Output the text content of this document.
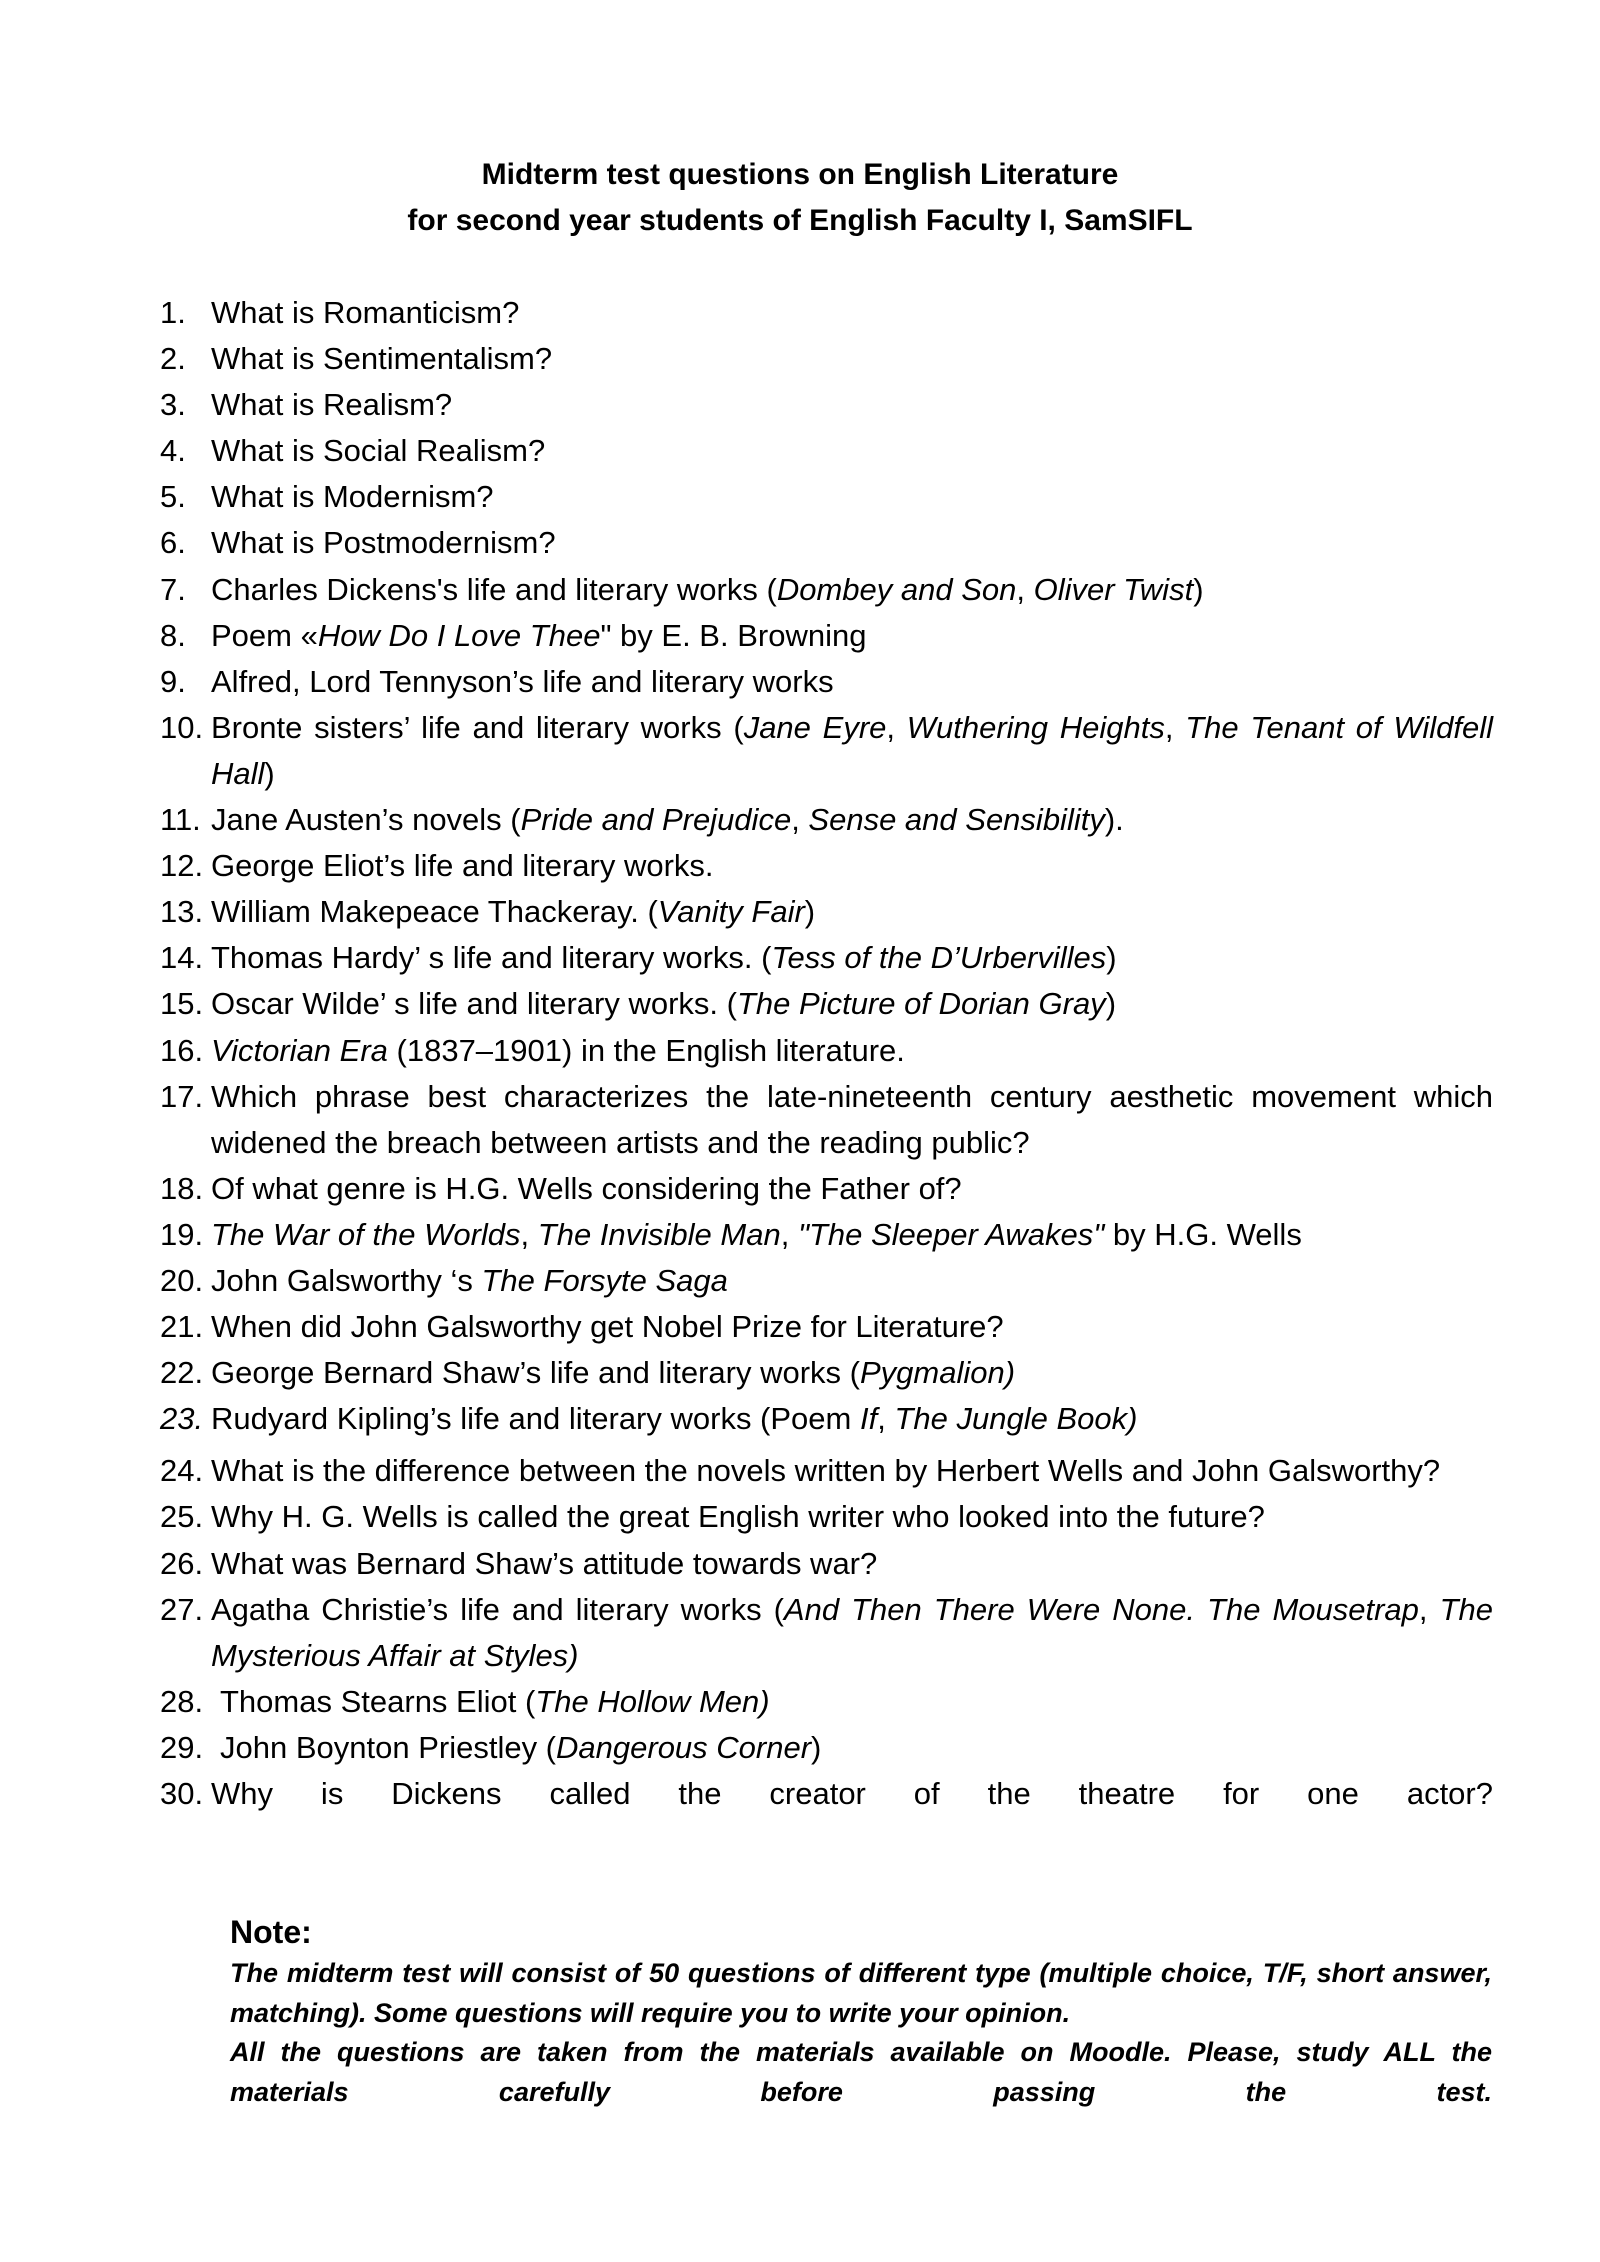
Midterm test questions on English Literature
for second year students of English Faculty I, SamSIFL
1. What is Romanticism?
2. What is Sentimentalism?
3. What is Realism?
4. What is Social Realism?
5. What is Modernism?
6. What is Postmodernism?
7. Charles Dickens's life and literary works (Dombey and Son, Oliver Twist)
8. Poem «How Do I Love Thee" by E. B. Browning
9. Alfred, Lord Tennyson’s life and literary works
10. Bronte sisters’ life and literary works (Jane Eyre, Wuthering Heights, The Tenant of Wildfell Hall)
11. Jane Austen’s novels (Pride and Prejudice, Sense and Sensibility).
12. George Eliot’s life and literary works.
13. William Makepeace Thackeray. (Vanity Fair)
14. Thomas Hardy’ s life and literary works. (Tess of the D’Urbervilles)
15. Oscar Wilde’ s life and literary works. (The Picture of Dorian Gray)
16. Victorian Era (1837–1901) in the English literature.
17. Which phrase best characterizes the late-nineteenth century aesthetic movement which widened the breach between artists and the reading public?
18. Of what genre is H.G. Wells considering the Father of?
19. The War of the Worlds, The Invisible Man, "The Sleeper Awakes" by H.G. Wells
20. John Galsworthy ‘s The Forsyte Saga
21. When did John Galsworthy get Nobel Prize for Literature?
22. George Bernard Shaw’s life and literary works (Pygmalion)
23. Rudyard Kipling’s life and literary works (Poem If, The Jungle Book)
24. What is the difference between the novels written by Herbert Wells and John Galsworthy?
25. Why H. G. Wells is called the great English writer who looked into the future?
26. What was Bernard Shaw’s attitude towards war?
27. Agatha Christie’s life and literary works (And Then There Were None. The Mousetrap, The Mysterious Affair at Styles)
28. Thomas Stearns Eliot (The Hollow Men)
29. John Boynton Priestley (Dangerous Corner)
30. Why is Dickens called the creator of the theatre for one actor?
Note:

The midterm test will consist of 50 questions of different type (multiple choice, T/F, short answer, matching). Some questions will require you to write your opinion.

All the questions are taken from the materials available on Moodle. Please, study ALL the materials carefully before passing the test.
